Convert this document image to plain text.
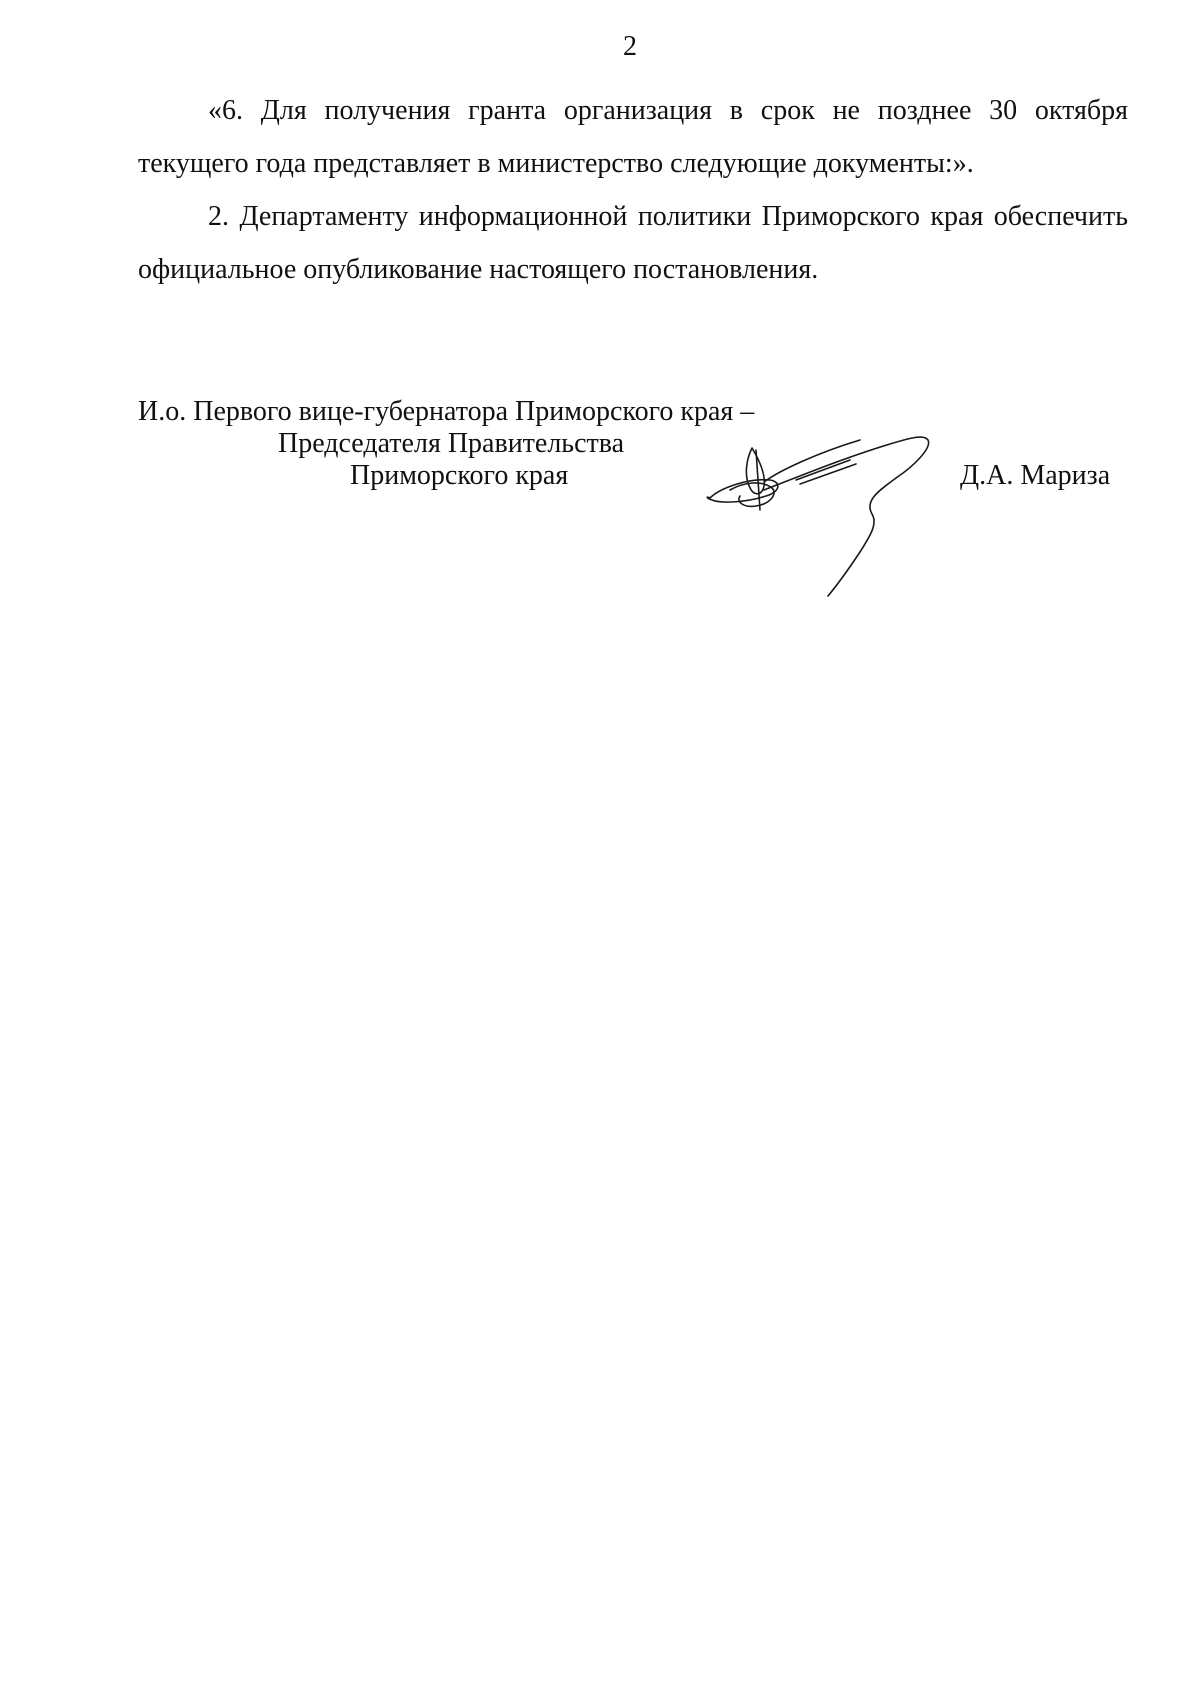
2

«6. Для получения гранта организация в срок не позднее 30 октября текущего года представляет в министерство следующие документы:».

2. Департаменту информационной политики Приморского края обеспечить официальное опубликование настоящего постановления.

И.о. Первого вице-губернатора Приморского края –
Председателя Правительства
Приморского края	Д.А. Мариза
